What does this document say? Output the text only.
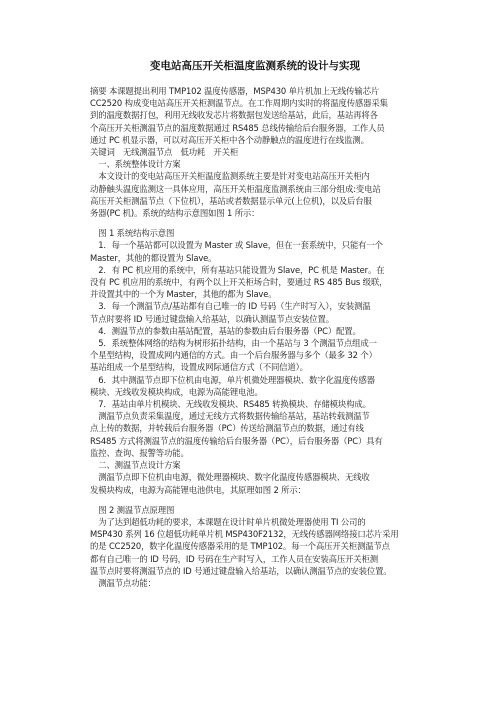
变电站高压开关柜温度监测系统的设计与实现
摘要 本课题提出利用 TMP102 温度传感器，MSP430 单片机加上无线传输芯片
CC2520 构成变电站高压开关柜测温节点。在工作周期内实时的将温度传感器采集
到的温度数据打包，利用无线收发芯片将数据包发送给基站，此后，基站再将各
个高压开关柜测温节点的温度数据通过 RS485 总线传输给后台服务器，工作人员
通过 PC 机显示器，可以对高压开关柜中各个动静触点的温度进行在线监测。
关键词　无线测温节点　低功耗　开关柜
　一、系统整体设计方案
　本文设计的变电站高压开关柜温度监测系统主要是针对变电站高压开关柜内
动静触头温度监测这一具体应用，高压开关柜温度监测系统由三部分组成:变电站
高压开关柜测温节点（下位机），基站或者数据显示单元(上位机)，以及后台服
务器(PC 机)。系统的结构示意图如图 1 所示：
　图 1 系统结构示意图
　1．每一个基站都可以设置为 Master 或 Slave，但在一套系统中，只能有一个
Master，其他的都设置为 Slave。
　2．有 PC 机应用的系统中，所有基站只能设置为 Slave，PC 机是 Master。在
没有 PC 机应用的系统中，有两个以上开关柜场合时，要通过 RS 485 Bus 级联，
并设置其中的一个为 Master，其他的都为 Slave。
　3．每一个测温节点/基站都有自己唯一的 ID 号码（生产时写入），安装测温
节点时要将 ID 号通过键盘输入给基站，以确认测温节点安装位置。
　4．测温节点的参数由基站配置，基站的参数由后台服务器（PC）配置。
　5．系统整体网络的结构为树形拓扑结构，由一个基站与 3 个测温节点组成一
个星型结构，设置成网内通信的方式。由一个后台服务器与多个（最多 32 个）
基站组成一个星型结构，设置成网际通信方式（不同信道）。
　6．其中测温节点即下位机由电源，单片机微处理器模块、数字化温度传感器
模块、无线收发模块构成，电源为高能锂电池。
　7．基站由单片机模块、无线收发模块、RS485 转换模块、存储模块构成。
　测温节点负责采集温度，通过无线方式将数据传输给基站，基站转载测温节
点上传的数据，并转载后台服务器（PC）传送给测温节点的数据，通过有线
RS485 方式将测温节点的温度传输给后台服务器（PC），后台服务器（PC）具有
监控、查询、报警等功能。
　二、测温节点设计方案
　测温节点即下位机由电源，微处理器模块、数字化温度传感器模块、无线收
发模块构成，电源为高能锂电池供电，其原理如图 2 所示：
　图 2 测温节点原理图
　为了达到超低功耗的要求，本课题在设计时单片机微处理器使用 TI 公司的
MSP430 系列 16 位超低功耗单片机 MSP430F2132，无线传感器网络接口芯片采用
的是 CC2520，数字化温度传感器采用的是 TMP102。每一个高压开关柜测温节点
都有自己唯一的 ID 号码，ID 号码在生产时写入，工作人员在安装高压开关柜测
温节点时要将测温节点的 ID 号通过键盘输入给基站，以确认测温节点的安装位置。
　测温节点功能：
